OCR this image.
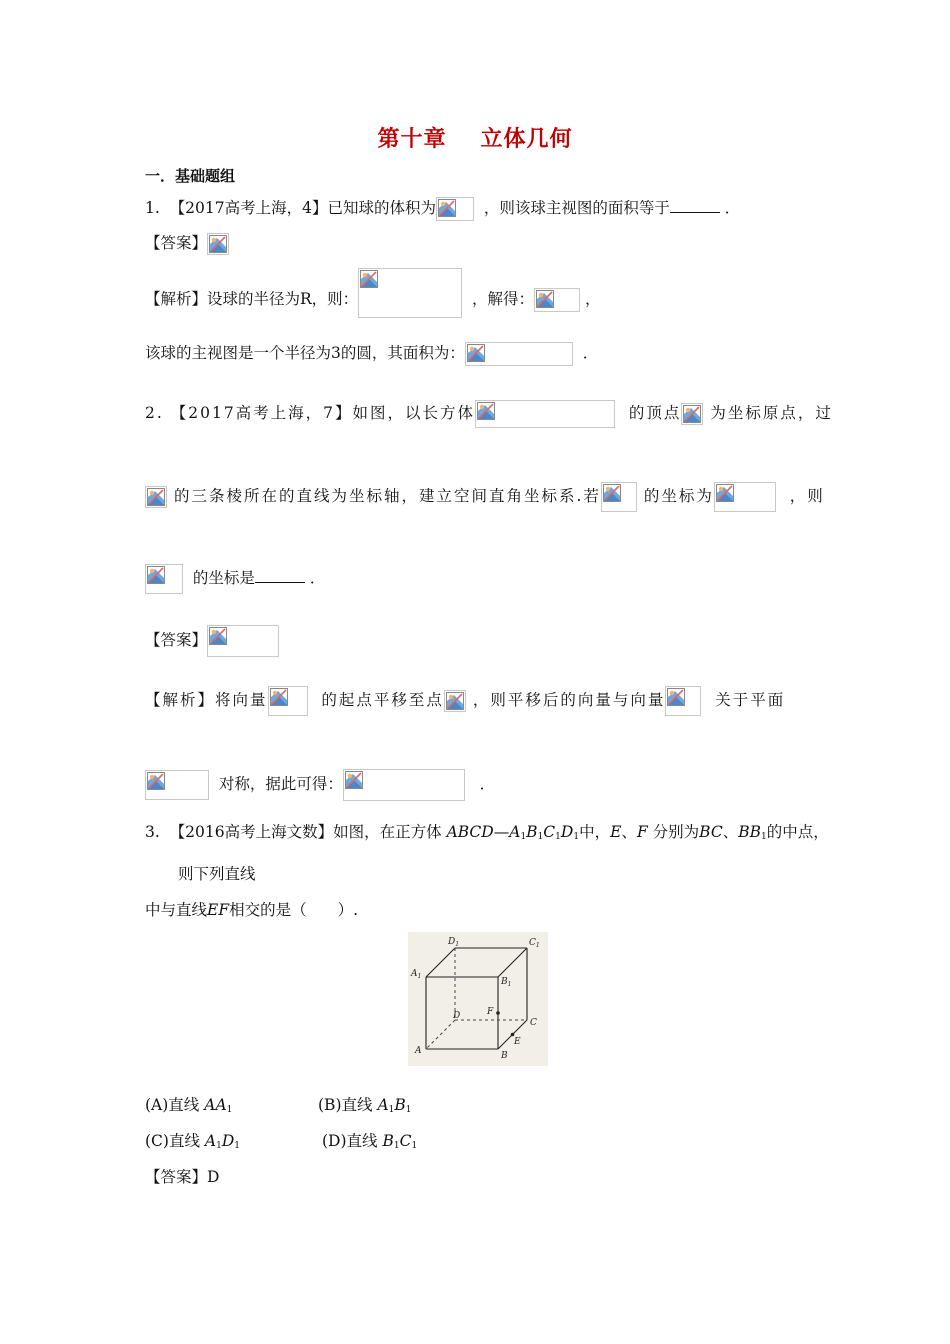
第十章 立体几何
一．基础题组
1. 【2017高考上海，4】已知球的体积为	，则该球主视图的面积等于	．
【答案】
【解析】设球的半径为R，则：	，解得：	，
该球的主视图是一个半径为3的圆，其面积为：	．
2. 【2017高考上海，7】如图，以长方体	的顶点 为坐标原点，过
的三条棱所在的直线为坐标轴，建立空间直角坐标系.若	的坐标为	，则
的坐标是	．
【答案】
【解析】将向量	的起点平移至点 ，则平移后的向量与向量	关于平面
对称，据此可得：	．
3. 【2016高考上海文数】如图，在正方体 $ABCD—A_1B_1C_1D_1$中，E、F 分别为BC、$BB_1$的中点，
则下列直线
中与直线EF相交的是（　　）.
$D_1$	$C_1$
$A_1$
$B_1$
F
D
C
E
A	B
(A)直线 $AA_1$	(B)直线 $A_1B_1$
(C)直线 $A_1D_1$	(D)直线 $B_1C_1$
【答案】D
